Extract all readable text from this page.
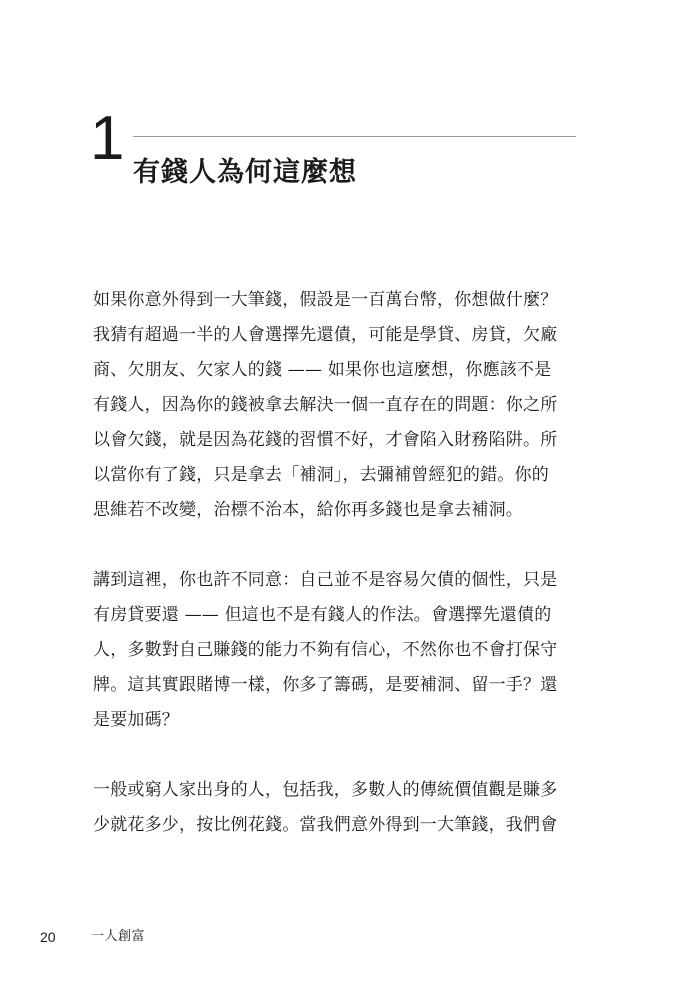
1 有錢人為何這麼想
如果你意外得到一大筆錢，假設是一百萬台幣，你想做什麼？
我猜有超過一半的人會選擇先還債，可能是學貸、房貸，欠廠
商、欠朋友、欠家人的錢 —— 如果你也這麼想，你應該不是
有錢人，因為你的錢被拿去解決一個一直存在的問題：你之所
以會欠錢，就是因為花錢的習慣不好，才會陷入財務陷阱。所
以當你有了錢，只是拿去「補洞」，去彌補曾經犯的錯。你的
思維若不改變，治標不治本，給你再多錢也是拿去補洞。
講到這裡，你也許不同意：自己並不是容易欠債的個性，只是
有房貸要還 —— 但這也不是有錢人的作法。會選擇先還債的
人，多數對自己賺錢的能力不夠有信心，不然你也不會打保守
牌。這其實跟賭博一樣，你多了籌碼，是要補洞、留一手？還
是要加碼？
一般或窮人家出身的人，包括我，多數人的傳統價值觀是賺多
少就花多少，按比例花錢。當我們意外得到一大筆錢，我們會
20	一人創富
